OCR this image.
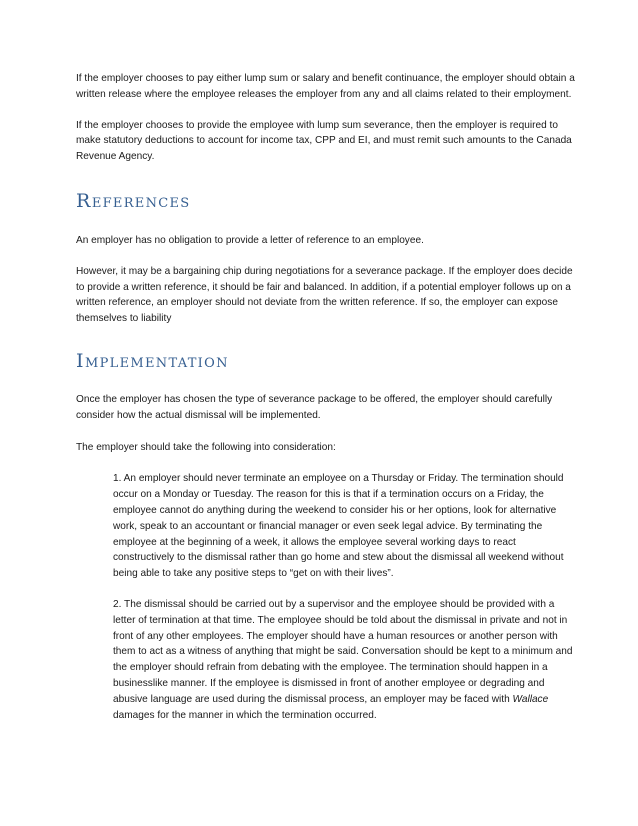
If the employer chooses to pay either lump sum or salary and benefit continuance, the employer should obtain a written release where the employee releases the employer from any and all claims related to their employment.

If the employer chooses to provide the employee with lump sum severance, then the employer is required to make statutory deductions to account for income tax, CPP and EI, and must remit such amounts to the Canada Revenue Agency.

REFERENCES

An employer has no obligation to provide a letter of reference to an employee.

However, it may be a bargaining chip during negotiations for a severance package. If the employer does decide to provide a written reference, it should be fair and balanced. In addition, if a potential employer follows up on a written reference, an employer should not deviate from the written reference. If so, the employer can expose themselves to liability

IMPLEMENTATION

Once the employer has chosen the type of severance package to be offered, the employer should carefully consider how the actual dismissal will be implemented.

The employer should take the following into consideration:

1. An employer should never terminate an employee on a Thursday or Friday. The termination should occur on a Monday or Tuesday. The reason for this is that if a termination occurs on a Friday, the employee cannot do anything during the weekend to consider his or her options, look for alternative work, speak to an accountant or financial manager or even seek legal advice. By terminating the employee at the beginning of a week, it allows the employee several working days to react constructively to the dismissal rather than go home and stew about the dismissal all weekend without being able to take any positive steps to “get on with their lives”.
2. The dismissal should be carried out by a supervisor and the employee should be provided with a letter of termination at that time. The employee should be told about the dismissal in private and not in front of any other employees. The employer should have a human resources or another person with them to act as a witness of anything that might be said. Conversation should be kept to a minimum and the employer should refrain from debating with the employee. The termination should happen in a businesslike manner. If the employee is dismissed in front of another employee or degrading and abusive language are used during the dismissal process, an employer may be faced with Wallace damages for the manner in which the termination occurred.
